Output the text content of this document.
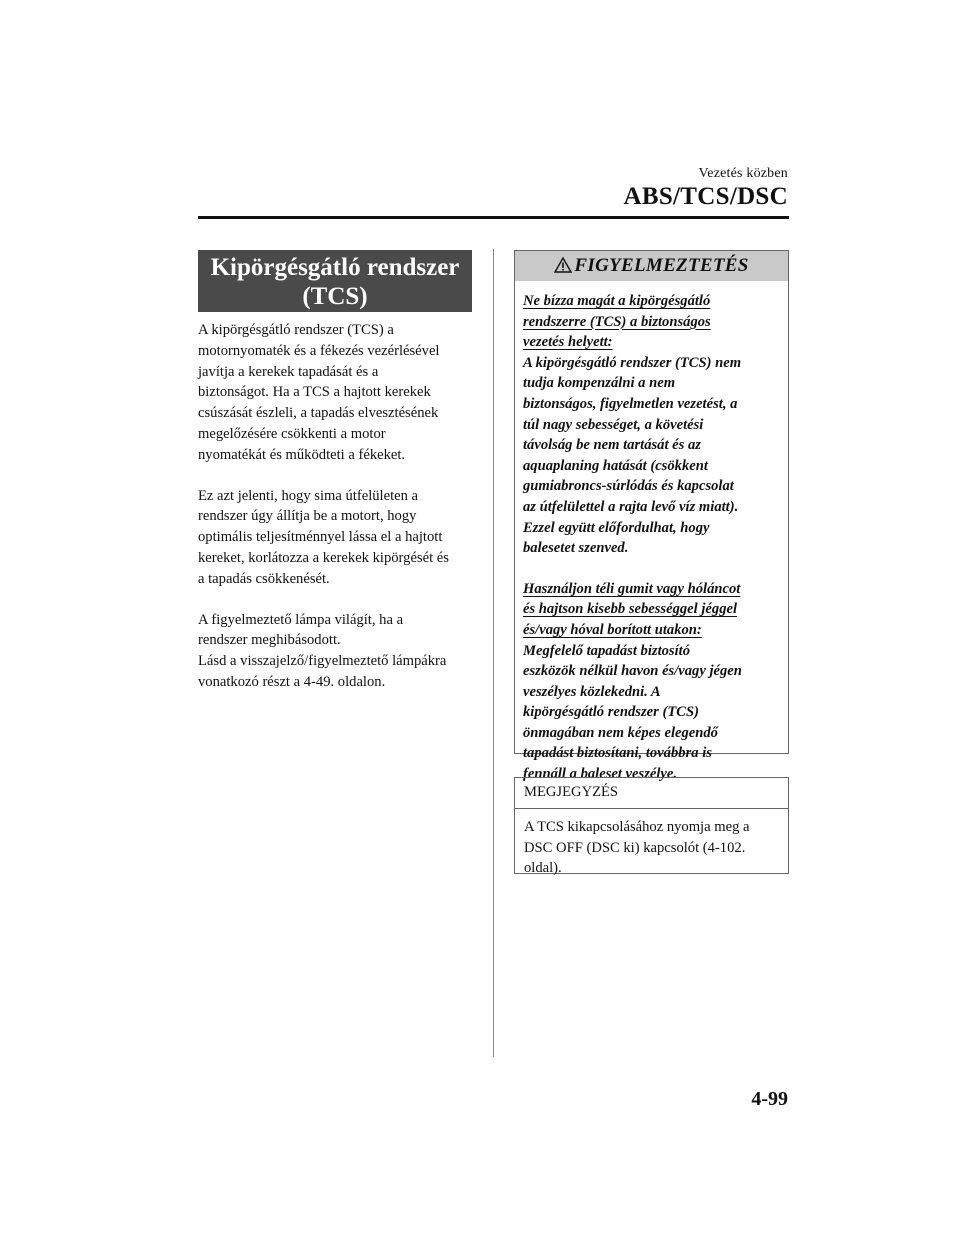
Vezetés közben
ABS/TCS/DSC
Kipörgésgátló rendszer
(TCS)

A kipörgésgátló rendszer (TCS) a
motornyomaték és a fékezés vezérlésével
javítja a kerekek tapadását és a
biztonságot. Ha a TCS a hajtott kerekek
csúszását észleli, a tapadás elvesztésének
megelőzésére csökkenti a motor
nyomatékát és működteti a fékeket.

Ez azt jelenti, hogy sima útfelületen a
rendszer úgy állítja be a motort, hogy
optimális teljesítménnyel lássa el a hajtott
kereket, korlátozza a kerekek kipörgését és
a tapadás csökkenését.

A figyelmeztető lámpa világít, ha a
rendszer meghibásodott.
Lásd a visszajelző/figyelmeztető lámpákra
vonatkozó részt a 4-49. oldalon.

FIGYELMEZTETÉS

Ne bízza magát a kipörgésgátló
rendszerre (TCS) a biztonságos
vezetés helyett:

A kipörgésgátló rendszer (TCS) nem
tudja kompenzálni a nem
biztonságos, figyelmetlen vezetést, a
túl nagy sebességet, a követési
távolság be nem tartását és az
aquaplaning hatását (csökkent
gumiabroncs-súrlódás és kapcsolat
az útfelülettel a rajta levő víz miatt).
Ezzel együtt előfordulhat, hogy
balesetet szenved.

Használjon téli gumit vagy hóláncot
és hajtson kisebb sebességgel jéggel
és/vagy hóval borított utakon:

Megfelelő tapadást biztosító
eszközök nélkül havon és/vagy jégen
veszélyes közlekedni. A
kipörgésgátló rendszer (TCS)
önmagában nem képes elegendő
tapadást biztosítani, továbbra is
fennáll a baleset veszélye.

MEGJEGYZÉS
A TCS kikapcsolásához nyomja meg a
DSC OFF (DSC ki) kapcsolót (4-102.
oldal).
4-99
